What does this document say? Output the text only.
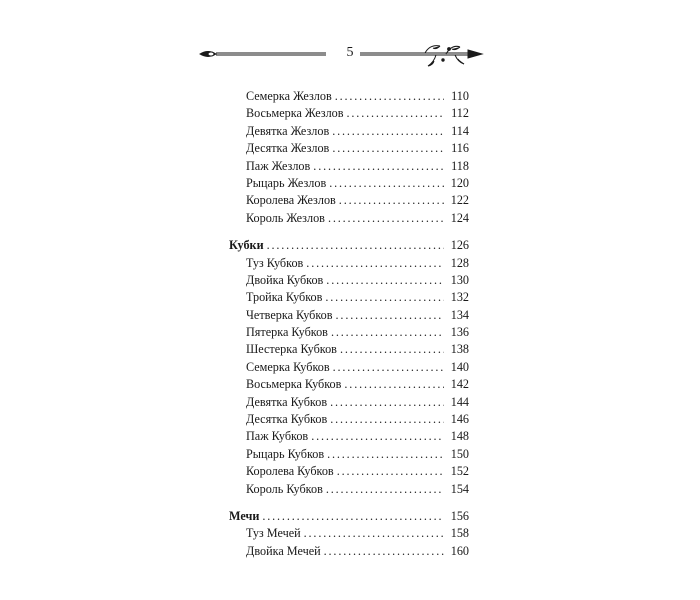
5
Семерка Жезлов . . .	110
Восьмерка Жезлов . . .	112
Девятка Жезлов . . .	114
Десятка Жезлов . . .	116
Паж Жезлов . . .	118
Рыцарь Жезлов . . .	120
Королева Жезлов . . .	122
Король Жезлов . . .	124
Кубки . . .	126
Туз Кубков . . .	128
Двойка Кубков . . .	130
Тройка Кубков . . .	132
Четверка Кубков . . .	134
Пятерка Кубков . . .	136
Шестерка Кубков . . .	138
Семерка Кубков . . .	140
Восьмерка Кубков . . .	142
Девятка Кубков . . .	144
Десятка Кубков . . .	146
Паж Кубков . . .	148
Рыцарь Кубков . . .	150
Королева Кубков . . .	152
Король Кубков . . .	154
Мечи . . .	156
Туз Мечей . . .	158
Двойка Мечей . . .	160
